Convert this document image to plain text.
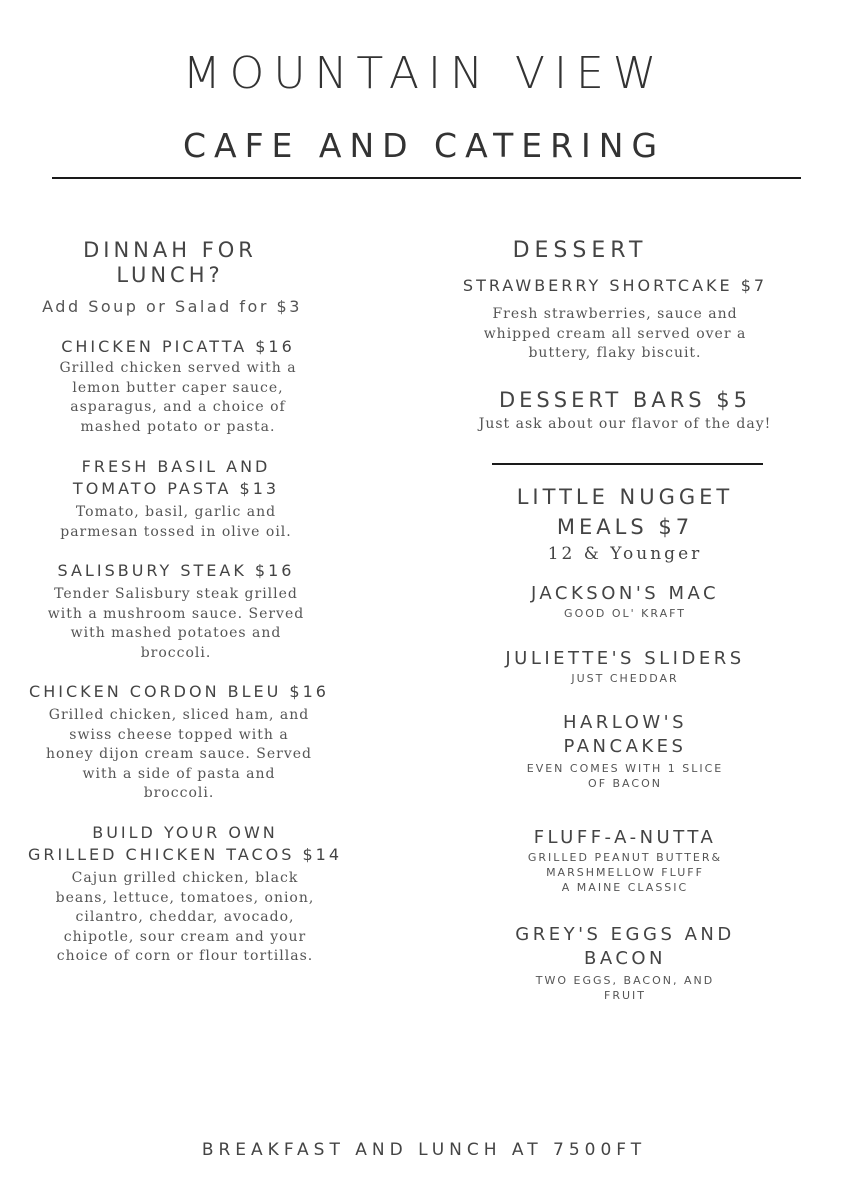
MOUNTAIN VIEW
CAFE AND CATERING
DINNAH FOR
LUNCH?
Add Soup or Salad for $3
CHICKEN PICATTA $16
Grilled chicken served with a
lemon butter caper sauce,
asparagus, and a choice of
mashed potato or pasta.
FRESH BASIL AND
TOMATO PASTA $13
Tomato, basil, garlic and
parmesan tossed in olive oil.
SALISBURY STEAK $16
Tender Salisbury steak grilled
with a mushroom sauce. Served
with mashed potatoes and
broccoli.
CHICKEN CORDON BLEU $16
Grilled chicken, sliced ham, and
swiss cheese topped with a
honey dijon cream sauce. Served
with a side of pasta and
broccoli.
BUILD YOUR OWN
GRILLED CHICKEN TACOS $14
Cajun grilled chicken, black
beans, lettuce, tomatoes, onion,
cilantro, cheddar, avocado,
chipotle, sour cream and your
choice of corn or flour tortillas.
DESSERT
STRAWBERRY SHORTCAKE $7
Fresh strawberries, sauce and
whipped cream all served over a
buttery, flaky biscuit.
DESSERT BARS $5
Just ask about our flavor of the day!
LITTLE NUGGET
MEALS $7
12 & Younger
JACKSON'S MAC
GOOD OL' KRAFT
JULIETTE'S SLIDERS
JUST CHEDDAR
HARLOW'S
PANCAKES
EVEN COMES WITH 1 SLICE
OF BACON
FLUFF-A-NUTTA
GRILLED PEANUT BUTTER&
MARSHMELLOW FLUFF
A MAINE CLASSIC
GREY'S EGGS AND
BACON
TWO EGGS, BACON, AND
FRUIT
BREAKFAST AND LUNCH AT 7500FT
